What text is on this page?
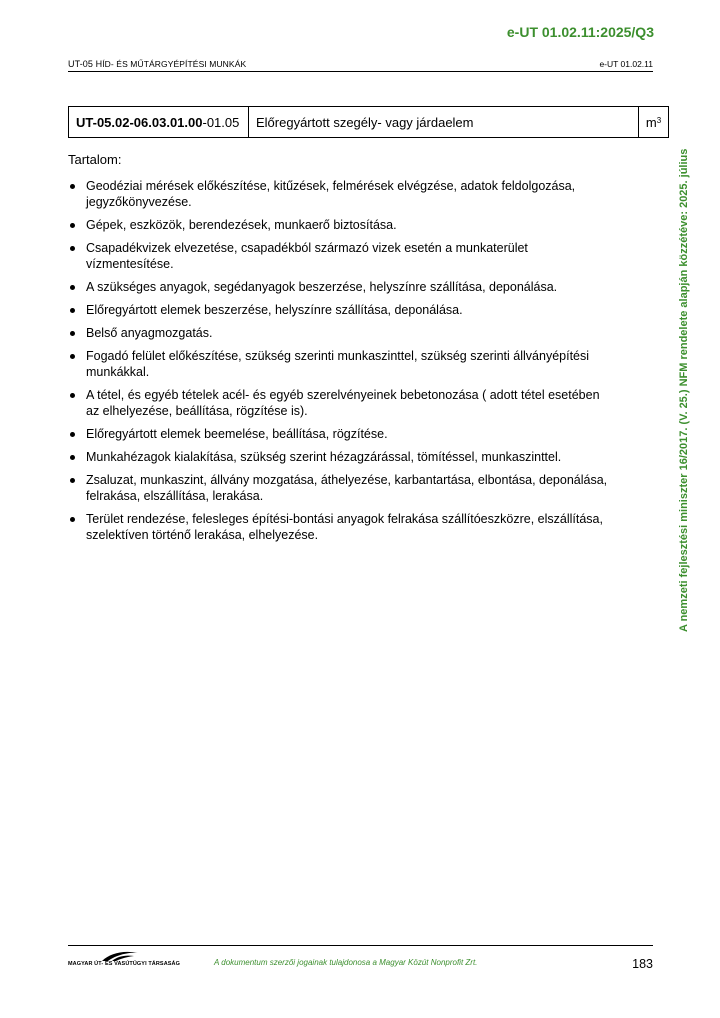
e-UT 01.02.11:2025/Q3
UT-05 HÍD- ÉS MŰTÁRGYÉPÍTÉSI MUNKÁK	e-UT 01.02.11
UT-05.02-06.03.01.00 -01.05	Előregyártott szegély- vagy járdaelem	$m^3$
Tartalom:
Geodéziai mérések előkészítése, kitűzések, felmérések elvégzése, adatok feldolgozása, jegyzőkönyvezése.
Gépek, eszközök, berendezések, munkaerő biztosítása.
Csapadékvizek elvezetése, csapadékból származó vizek esetén a munkaterület vízmentesítése.
A szükséges anyagok, segédanyagok beszerzése, helyszínre szállítása, deponálása.
Előregyártott elemek beszerzése, helyszínre szállítása, deponálása.
Belső anyagmozgatás.
Fogadó felület előkészítése, szükség szerinti munkaszinttel, szükség szerinti állványépítési munkákkal.
A tétel, és egyéb tételek acél- és egyéb szerelvényeinek bebetonozása ( adott tétel esetében az elhelyezése, beállítása, rögzítése is).
Előregyártott elemek beemelése, beállítása, rögzítése.
Munkahézagok kialakítása, szükség szerint hézagzárással, tömítéssel, munkaszinttel.
Zsaluzat, munkaszint, állvány mozgatása, áthelyezése, karbantartása, elbontása, deponálása, felrakása, elszállítása, lerakása.
Terület rendezése, felesleges építési-bontási anyagok felrakása szállítóeszközre, elszállítása, szelektíven történő lerakása, elhelyezése.	A nemzeti fejlesztési miniszter 16/2017. (V. 25.) NFM rendelete alapján közzétéve: 2025. július
MAGYAR ÚT- ÉS VASÚTÜGYI TÁRSASÁG	A dokumentum szerzői jogainak tulajdonosa a Magyar Közút Nonprofit Zrt.	183
